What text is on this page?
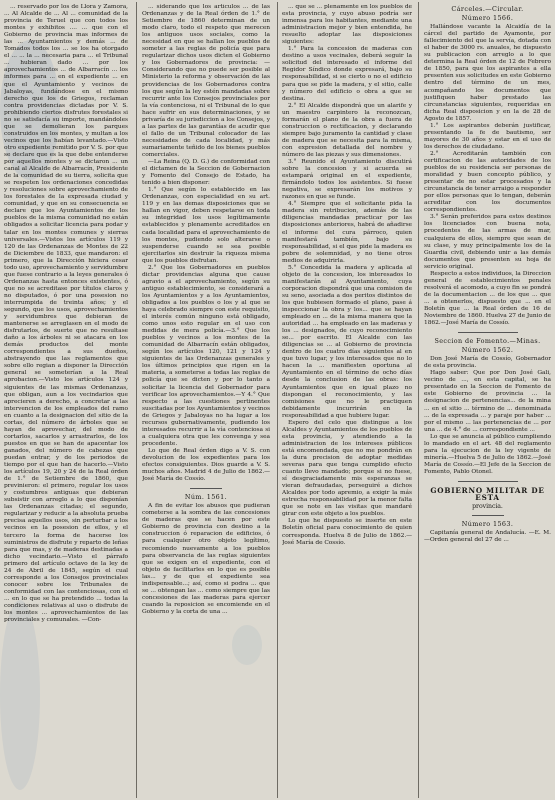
... reservado por los de Llora y Zamora, ... Al Alcalde de ... Al ... comunidad de la provincia de Teruel que con todos los montes y exhibitos .... ... que con el Gobierno de provincia mas informes de las ... Ayuntamientos y demás ... de Tomados todos los ... se los ha otorgado el ... ... la ... necesaria para ... el Tribunal ... hubieran dado ... por los aprovechamientos ... de Albarracín ... los informes para ... en el expediente ... en que el Ayuntamiento y vecinos de Jabaloyas, fundándose en el mismo derecho que los de Griegos, reclaman contra providencias dictadas por V. S. prohibiendo ciertos disfrutes forestales si no se satisfacía su importe, mandándoles que se demolieran los parques construidos en los montes, y multan a los vecinos que los habían levantado.—Visto otro expediente remitido por V. S. por que se declare que es la que debe entenderse por aquellos montes y se dictaron ... un canal al Alcalde de Albarracín, Presidente de la comunidad de su tierra, solicita que se respeten los ordenaciones concedidas y resoluciones sobre aprovechamiento de los forestales de la expresada ciudad y comunidad, y que en su consecuencia se declare que los Ayuntamientos de los pueblos de la misma comunidad no están obligados a solicitar licencia para podar y talar en los montes comunes y sierras universales.—Vistos los artículos 119 y 120 de las Ordenanzas de Montes de 22 de Diciembre de 1833, que mandaron: el primero, que la Dirección hiciera cesar todo uso, aprovechamiento y servidumbre que fuese contrario a la leyes generales ó Ordenanzas hasta entonces existentes, ó que no se acreditase por títulos claros y no disputados, ó por una posesion no interrumpida de treinta años; y el segundo, que los usos, aprovechamientos y servidumbres que debieran de mantenerse se arreglasen en el modo de disfrutarlos, de suerte que no resultase daño a los árboles ni se atacara en los demás productos del monte correspondientes a sus dueños, abstrayendo que las reglamentos que sobre ello regian a disponer la Dirección general se someterían a la Real aprobacion.—Visto los artículos 124 y siguientes de las mismas Ordenanzas, que obligan, aun a los vecindarios que aprecieren a derecho, a concretar a las intervencion de los empleados del ramo en cuanto a la designacion del sitio de la cortas, del número de árboles que se hayan de aprovechar, del modo de cortarlos, sacarlos y arrastrarlos, de los puestos en que se han de apacentar los ganados, del número de cabezas que puedan entrar, y de los periodos de tiempo por el que han de hacerlo.—Visto los artículos 19, 20 y 24 de la Real órden de 1.° de Setiembre de 1860, que previnieron: el primero, regular los usos y costumbres antiguas que debieran subsistir con arreglo a lo que disponían las Ordenanzas citadas; el segundo, regularizar y reducir a la absoluta prueba precisa aquellos usos, sin perturbar a los vecinos en la posesion de ellos, y el tercero la forma de hacerse los suministros de disfrute y reparto de leñas para que mas, y de maderas destinadas a dicho vecindario.—Visto el párrafo primero del artículo octavo de la ley de 24 de Abril de 1845, según el cual corresponde a los Consejos provinciales conocer sobre los Tribunales de conformidad con las contenciosas, con el ... en lo que se ha pretendido ... todas la condiciones relativas al uso o disfrute de los montes ... aprovechamientos de las provinciales y comunales. —Con-

... siderando que los artículos ... de las Ordenanzas y de la Real órden de 1.° de Setiembre de 1860 determinan de un modo claro, todo el respeto que merecen los antiguos usos sociales, como la necesidad en que se hallan los pueblos de someter a las reglas de policía que para regularizar dichos usos dicten el Gobierno y los Gobernadores de provincia: —Considerando que no puede ser posible al Ministerio la reforma y observación de las providencias de los Gobernadores contra los que según la ley estén mandadas sobre recurrir ante los Consejos provinciales por la vía contenciosa, ni el Tribunal de lo que hace sufrir en sus determinaciones, y se privaría de su jurisdiccion a los Consejos, y a las partes de las garantías de acudir que el fallo de un Tribunal colocador de las necesidades de cada localidad, y más sumariamente teñido de los bienes pueblos comerciales.

—La Reina (Q. D. G.) de conformidad con el dictamen de la Seccion de Gobernacion y Fomento del Consejo de Estado, ha tenido a bien disponer:

1.° Que según lo establecido en las Ordenanzas, con especialidad en su art. 119 y en las demas disposiciones que se hallan en vigor, deben respetarse en toda su integridad los usos legítimamente establecidos y plenamente acreditados en cada localidad para el aprovechamiento de los montes, pudiendo solo alterarse o suspenderse cuando se sea posible ejercitarlos sin destruir la riqueza misma que los pueblos disfrutan.

2.° Que los Gobernadores en pueblos dictar providencias alguna que cause agravio a el aprovechamiento, según su antiguo establecimiento, se considerará a los Ayuntamientos y a los Ayuntamientos, obligados a los pueblos o los y al que se haya celebrado siempre con este requisito, el interés común ninguno está obligado, como unos esto regular en el uso con medidas de mera policía.—3.° Que los pueblos y vecinos a los montes de la comunidad de Albarracín están obligados, según los artículos 120, 121 y 124 y siguientes de las Ordenanzas generales y los últimos principios que rigen en la materia, a someterse a todas las reglas de policía que se dicten y por lo tanto a solicitar la licencia del Gobernador para verificar los aprovechamientos.—Y 4.° Que respecto a las cuestiones pertinentes suscitadas por los Ayuntamientos y vecinos de Griegos y Jabaloyas no ha lugar a los recursos gubernativamente, pudiendo los interesados recurrir a la vía contenciosa si a cualquiera otra que les convenga y sea procedente.

Lo que de Real órden digo a V. S. con devolucion de los expedientes para los efectos consiguientes. Dios guarde a V. S. muchos años. Madrid 4 de Julio de 1862.—José María de Cossío.

Núm. 1561.

A fin de evitar los abusos que pudieran cometerse a la sombra de las concesiones de maderas que se hacen por este Gobierno de provincia con destino a la construccion ó reparacion de edificios, ó para cualquier otro objeto legítimo, recomiendo nuevamente a los pueblos para observancia de las reglas siguientes que se exigen en el expediente, con el objeto de facilitarles en lo que es posible las... y de que el expediente sea indispensable...; así, como si podra ... que se ... obtengan las ... como siempre que las concesiones de las maderas para ejercer cuando la reposicion se encomiende en el Gobierno y la corta de una ...

... que se ... plenamente en los pueblos de esta provincia, y cuyo abuso podría ser inmensa para los habitantes, mediante una administracion mejor y bien entendida, he resuelto adoptar las disposiciones siguientes:

1.° Para la concesion de maderas con destino a usos vecinales, deberá seguir la solicitud del interesado el informe del Regidor Síndico donde expresará, bajo su responsabilidad, si se cierto o no el edificio para que se pide la madera, y el sitio, calle y número del edificio o obra a que se destina.

2.° El Alcalde dispondrá que un alarife y un maestro carpintero la reconozcan, formarán el plano de la obra a fuera de construccion o rectificacion, y declarando siempre bajo juramento la cantidad y clase de madera que se necesita para la misma, con expresion detallada del nombre y número de las piezas y sus dimensiones.

3.° Reunido el Ayuntamiento discutirá sobre la concesion y si acuerda se estampará original en el expediente, firmándolo todos los asistentes. Si fuese negativa, se expresarán los motivos y razones en que se funde.

4.° Siempre que el solicitante pida la madera sin retribucion, además de las diligencias mandadas practicar por las disposiciones anteriores, habrá de añadirse el informe del cura párroco, quien manifestará también, bajo su responsabilidad, si el que pide la madera es pobre de solemnidad, y no tiene otros medios de adquirirla.

5.° Concedida la madera y aplicada al objeto de la concesion, los interesados lo manifestarán al Ayuntamiento, cuya corporacion dispondrá que una comision de su seno, asociada a dos peritos distintos de los que hubiesen formado el plano, pase á inspeccionar la obra y los... que se hayan empleado en ... de la misma manera que la autoridad ... ha empleado en las maderas y los ... designados, de cuyo reconocimiento se... por escrito. El Alcalde con las diligencias se ... al Gobierno de provincia dentro de los cuatro días siguientes al en que tuvo lugar, y los interesados que no lo hacen la ... manifiesten oportuna al Ayuntamiento en el término de ocho días desde la conclusion de las obras: los Ayuntamientos que en igual plazo no dispongan el reconocimiento, y las comisiones que no le practiquen debidamente incurrirán en la responsabilidad a que hubiere lugar.

Espero del celo que distingue a los Alcaldes y Ayuntamientos de los pueblos de esta provincia, y atendiendo a la administracion de los intereses públicos está encomendada, que no me pondrán en la dura precision de adoptar medidas severas para que tenga cumplido efecto cuanto llevo mandado; porque si no fuese, sí desgraciadamente mis esperanzas se vieran defraudadas, perseguiré a dichos Alcaldes por todo apremio, a exigir la más estrecha responsabilidad por la menor falta que se note en las visitas que mandaré girar con este objeto a los pueblos.

Lo que he dispuesto se inserte en este Boletín oficial para conocimiento de quien corresponda. Huelva 8 de Julio de 1862.—José María de Cossío.

Cárceles.—Circular.
Número 1566.

Hallándose vacante la Alcaidía de la cárcel del partido de Ayamonte, por fallecimiento del que la servía, dotada con el haber de 3000 rs. anuales, he dispuesto su publicacion con arreglo a lo que determina la Real órden de 12 de Febrero de 1850, para que los aspirantes a ella presenten sus solicitudes en este Gobierno dentro del término de un mes, acompañando los documentos que justifiquen haber prestado las circunstancias siguientes, requeridas en dicha Real disposicion y en la de 28 de Agosto de 1857.

1.° Los aspirantes deberán justificar, presentando la fe de bautismo, ser mayores de 30 años y estar en el uso de los derechos de ciudadano.

2.° Acreditarán también con certificacion de las autoridades de los pueblos de su residencia ser personas de moralidad y buen concepto público, y presentar de no estar procesados y la circunstancia de tener arraigo a responder por ellos personas que lo tengan, deberán acreditar con los documentos correspondientes.

3.° Serán preferidos para estos destinos los licenciados con buena nota, procedentes de las armas de mar, cualquiera de ellos, siempre que sean de su clase, y muy principalmente los de la Guardia civil, debiendo unir a las demás documentos que presenten su hoja de servicio original.

Respecto a estos individuos, la Direccion general de establecimientos penales resolverá el acomodo, a cuyo fin se pondrá de la documentacion ... de los que ... que ... a obtenerlos, dispuesto que ... en el Boletín que ... la Real órden de 16 de Noviembre de 1860. Huelva 27 de Junio de 1862.—José María de Cossío.

Seccion de Fomento.—Minas.
Número 1562.

Don José María de Cossío, Gobernador de esta provincia.

Hago saber: Que por Don José Gali, vecino de ..., en esta capital, se ha presentado en la Seccion de Fomento de este Gobierno de provincia ... la designacion de pertenencias... de la mina ... en el sitio ... término de ... denominada ... de la expresada ... y paraje por haber ... por el mismo ... las pertenencias de ... por una ... de 4.° de ... correspondiente ...

Lo que se anuncia al público cumpliendo lo mandado en el art. 48 del reglamento para la ejecucion de la ley vigente de minería.—Huelva 5 de Julio de 1862.—José María de Cossío.—El Jefe de la Seccion de Fomento, Pablo Otonel.

GOBIERNO MILITAR DE ESTA
provincia.
Número 1563.

Capitanía general de Andalucía. —E. M.—Orden general del 27 de ...
